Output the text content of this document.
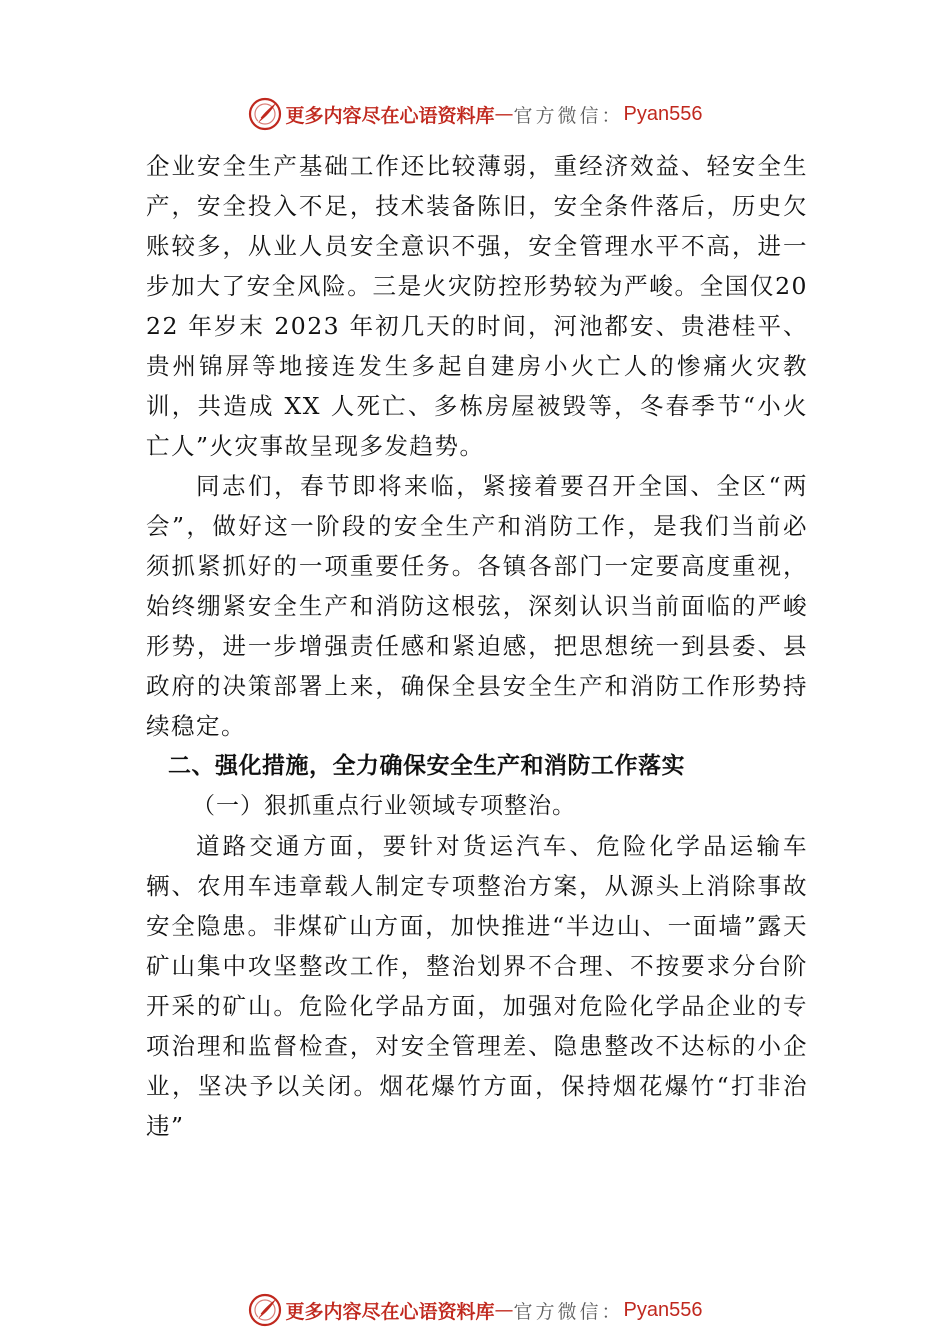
更多内容尽在心语资料库 — 官方微信： Pyan556

企业安全生产基础工作还比较薄弱，重经济效益、轻安全生产，安全投入不足，技术装备陈旧，安全条件落后，历史欠账较多，从业人员安全意识不强，安全管理水平不高，进一步加大了安全风险。三是火灾防控形势较为严峻。全国仅2022 年岁末 2023 年初几天的时间，河池都安、贵港桂平、贵州锦屏等地接连发生多起自建房小火亡人的惨痛火灾教训，共造成 XX 人死亡、多栋房屋被毁等，冬春季节“小火亡人”火灾事故呈现多发趋势。

同志们，春节即将来临，紧接着要召开全国、全区“两会”，做好这一阶段的安全生产和消防工作，是我们当前必须抓紧抓好的一项重要任务。各镇各部门一定要高度重视，始终绷紧安全生产和消防这根弦，深刻认识当前面临的严峻形势，进一步增强责任感和紧迫感，把思想统一到县委、县政府的决策部署上来，确保全县安全生产和消防工作形势持续稳定。

二、强化措施，全力确保安全生产和消防工作落实

（一）狠抓重点行业领域专项整治。

道路交通方面，要针对货运汽车、危险化学品运输车辆、农用车违章载人制定专项整治方案，从源头上消除事故安全隐患。非煤矿山方面，加快推进“半边山、一面墙”露天矿山集中攻坚整改工作，整治划界不合理、不按要求分台阶开采的矿山。危险化学品方面，加强对危险化学品企业的专项治理和监督检查，对安全管理差、隐患整改不达标的小企业，坚决予以关闭。烟花爆竹方面，保持烟花爆竹“打非治违”

更多内容尽在心语资料库 — 官方微信： Pyan556
